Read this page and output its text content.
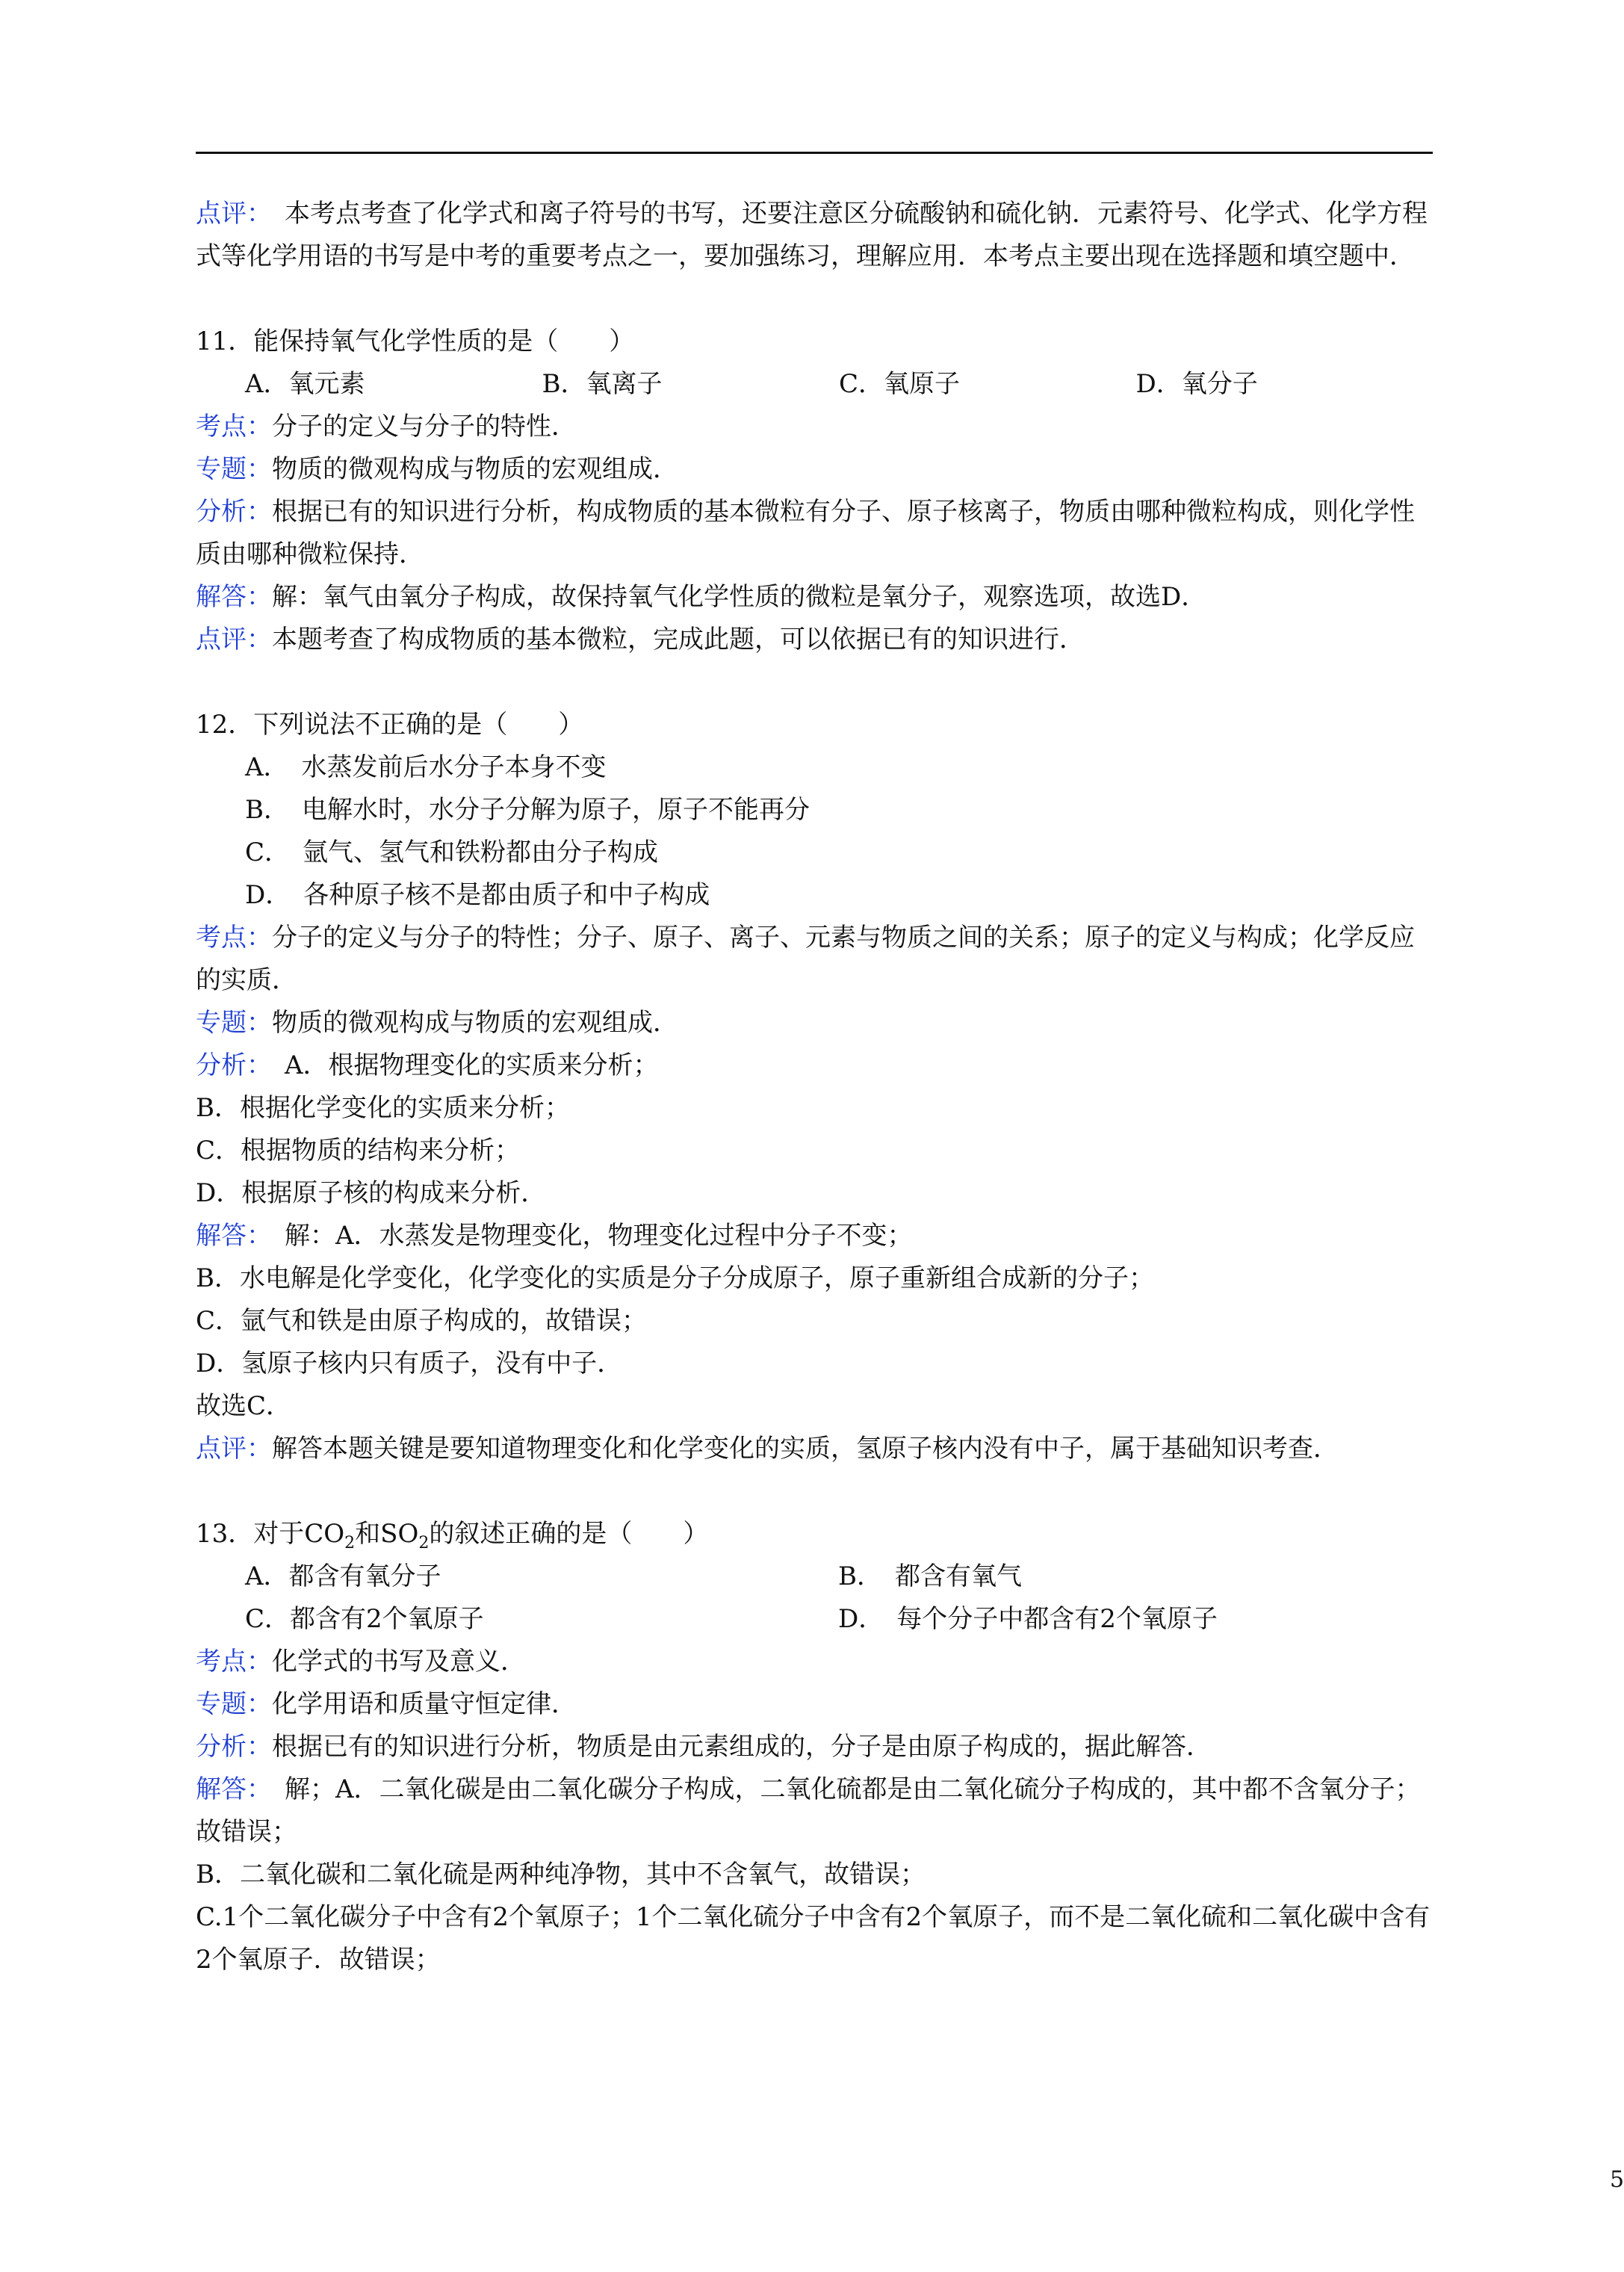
点评：　 本考点考查了化学式和离子符号的书写，还要注意区分硫酸钠和硫化钠．元素符号、化学式、化学方程式等化学用语的书写是中考的重要考点之一，要加强练习，理解应用．本考点主要出现在选择题和填空题中．

11．能保持氧气化学性质的是（　　）

A．氧元素	B．氧离子	C．氧原子	D．氧分子

考点：分子的定义与分子的特性．

专题：物质的微观构成与物质的宏观组成．

分析：根据已有的知识进行分析，构成物质的基本微粒有分子、原子核离子，物质由哪种微粒构成，则化学性质由哪种微粒保持．

解答：解：氧气由氧分子构成，故保持氧气化学性质的微粒是氧分子，观察选项，故选D．

点评：本题考查了构成物质的基本微粒，完成此题，可以依据已有的知识进行．

12．下列说法不正确的是（　　）

A．　水蒸发前后水分子本身不变

B．　电解水时，水分子分解为原子，原子不能再分

C．　氩气、氢气和铁粉都由分子构成

D．　各种原子核不是都由质子和中子构成

考点：分子的定义与分子的特性；分子、原子、离子、元素与物质之间的关系；原子的定义与构成；化学反应的实质．

专题：物质的微观构成与物质的宏观组成．

分析：　A．根据物理变化的实质来分析；

B．根据化学变化的实质来分析；

C．根据物质的结构来分析；

D．根据原子核的构成来分析．

解答：　解：A．水蒸发是物理变化，物理变化过程中分子不变；

B．水电解是化学变化，化学变化的实质是分子分成原子，原子重新组合成新的分子；

C．氩气和铁是由原子构成的，故错误；

D．氢原子核内只有质子，没有中子．

故选C．

点评：解答本题关键是要知道物理变化和化学变化的实质，氢原子核内没有中子，属于基础知识考查．

13．对于$CO_2$和$SO_2$的叙述正确的是（　　）

A．都含有氧分子	B．　都含有氧气
C．都含有2个氧原子	D．　每个分子中都含有2个氧原子

考点：化学式的书写及意义．

专题：化学用语和质量守恒定律．

分析：根据已有的知识进行分析，物质是由元素组成的，分子是由原子构成的，据此解答．

解答：　解；A．二氧化碳是由二氧化碳分子构成，二氧化硫都是由二氧化硫分子构成的，其中都不含氧分子；故错误；

B．二氧化碳和二氧化硫是两种纯净物，其中不含氧气，故错误；

C.1个二氧化碳分子中含有2个氧原子；1个二氧化硫分子中含有2个氧原子，而不是二氧化硫和二氧化碳中含有2个氧原子．故错误；

5
